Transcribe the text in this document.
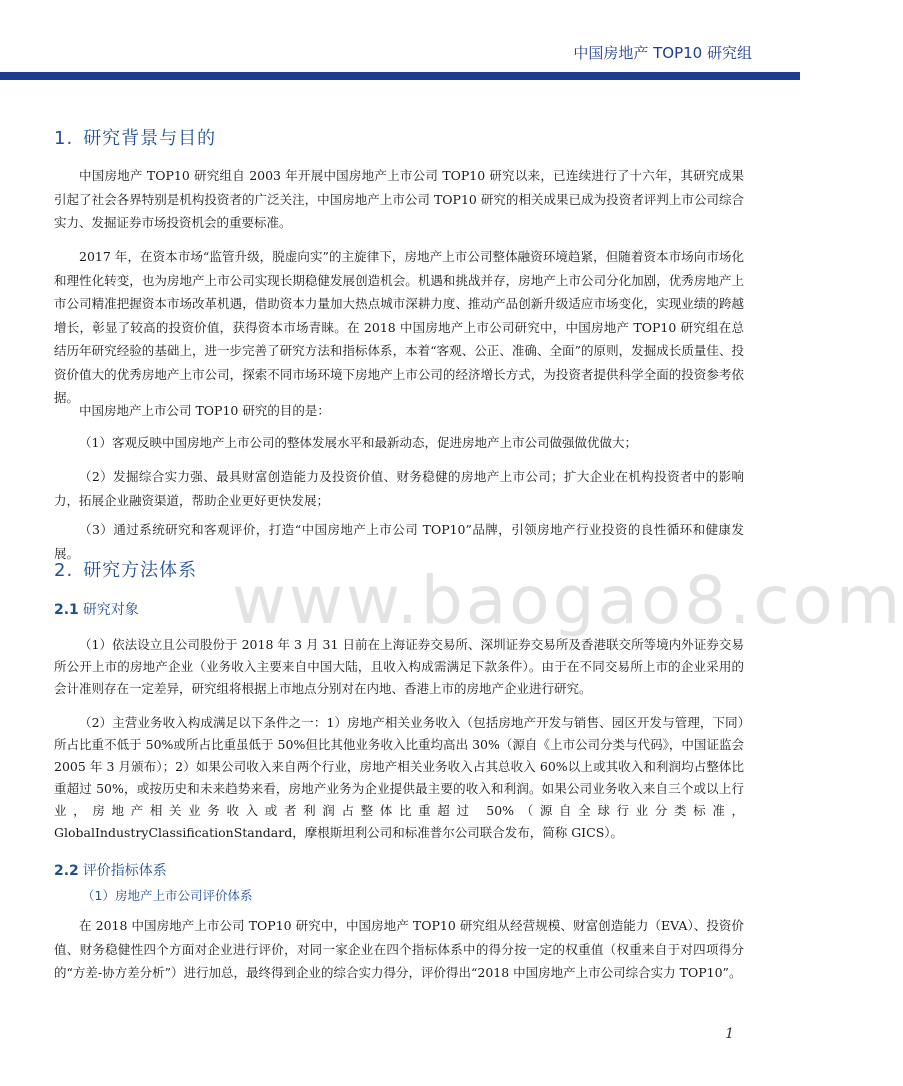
中国房地产 TOP10 研究组
1. 研究背景与目的
中国房地产 TOP10 研究组自 2003 年开展中国房地产上市公司 TOP10 研究以来，已连续进行了十六年，其研究成果引起了社会各界特别是机构投资者的广泛关注，中国房地产上市公司 TOP10 研究的相关成果已成为投资者评判上市公司综合实力、发掘证券市场投资机会的重要标准。
2017 年，在资本市场“监管升级，脱虚向实”的主旋律下，房地产上市公司整体融资环境趋紧，但随着资本市场向市场化和理性化转变，也为房地产上市公司实现长期稳健发展创造机会。机遇和挑战并存，房地产上市公司分化加剧，优秀房地产上市公司精准把握资本市场改革机遇，借助资本力量加大热点城市深耕力度、推动产品创新升级适应市场变化，实现业绩的跨越增长，彰显了较高的投资价值，获得资本市场青睐。在 2018 中国房地产上市公司研究中，中国房地产 TOP10 研究组在总结历年研究经验的基础上，进一步完善了研究方法和指标体系，本着“客观、公正、准确、全面”的原则，发掘成长质量佳、投资价值大的优秀房地产上市公司，探索不同市场环境下房地产上市公司的经济增长方式，为投资者提供科学全面的投资参考依据。
中国房地产上市公司 TOP10 研究的目的是：
（1）客观反映中国房地产上市公司的整体发展水平和最新动态，促进房地产上市公司做强做优做大；
（2）发掘综合实力强、最具财富创造能力及投资价值、财务稳健的房地产上市公司；扩大企业在机构投资者中的影响力，拓展企业融资渠道，帮助企业更好更快发展；
（3）通过系统研究和客观评价，打造“中国房地产上市公司 TOP10”品牌，引领房地产行业投资的良性循环和健康发展。
2. 研究方法体系 www.baogao8.com
2.1 研究对象
（1）依法设立且公司股份于 2018 年 3 月 31 日前在上海证券交易所、深圳证券交易所及香港联交所等境内外证券交易所公开上市的房地产企业（业务收入主要来自中国大陆，且收入构成需满足下款条件）。由于在不同交易所上市的企业采用的会计准则存在一定差异，研究组将根据上市地点分别对在内地、香港上市的房地产企业进行研究。
（2）主营业务收入构成满足以下条件之一：1）房地产相关业务收入（包括房地产开发与销售、园区开发与管理，下同）所占比重不低于 50%或所占比重虽低于 50%但比其他业务收入比重均高出 30%（源自《上市公司分类与代码》，中国证监会 2005 年 3 月颁布）；2）如果公司收入来自两个行业，房地产相关业务收入占其总收入 60%以上或其收入和利润均占整体比重超过 50%，或按历史和未来趋势来看，房地产业务为企业提供最主要的收入和利润。如果公司业务收入来自三个或以上行业，房地产相关业务收入或者利润占整体比重超过 50%（源自全球行业分类标准，GlobalIndustryClassificationStandard，摩根斯坦利公司和标准普尔公司联合发布，简称 GICS）。
2.2 评价指标体系
（1）房地产上市公司评价体系
在 2018 中国房地产上市公司 TOP10 研究中，中国房地产 TOP10 研究组从经营规模、财富创造能力（EVA）、投资价值、财务稳健性四个方面对企业进行评价，对同一家企业在四个指标体系中的得分按一定的权重值（权重来自于对四项得分的“方差-协方差分析”）进行加总，最终得到企业的综合实力得分，评价得出“2018 中国房地产上市公司综合实力 TOP10”。
1
